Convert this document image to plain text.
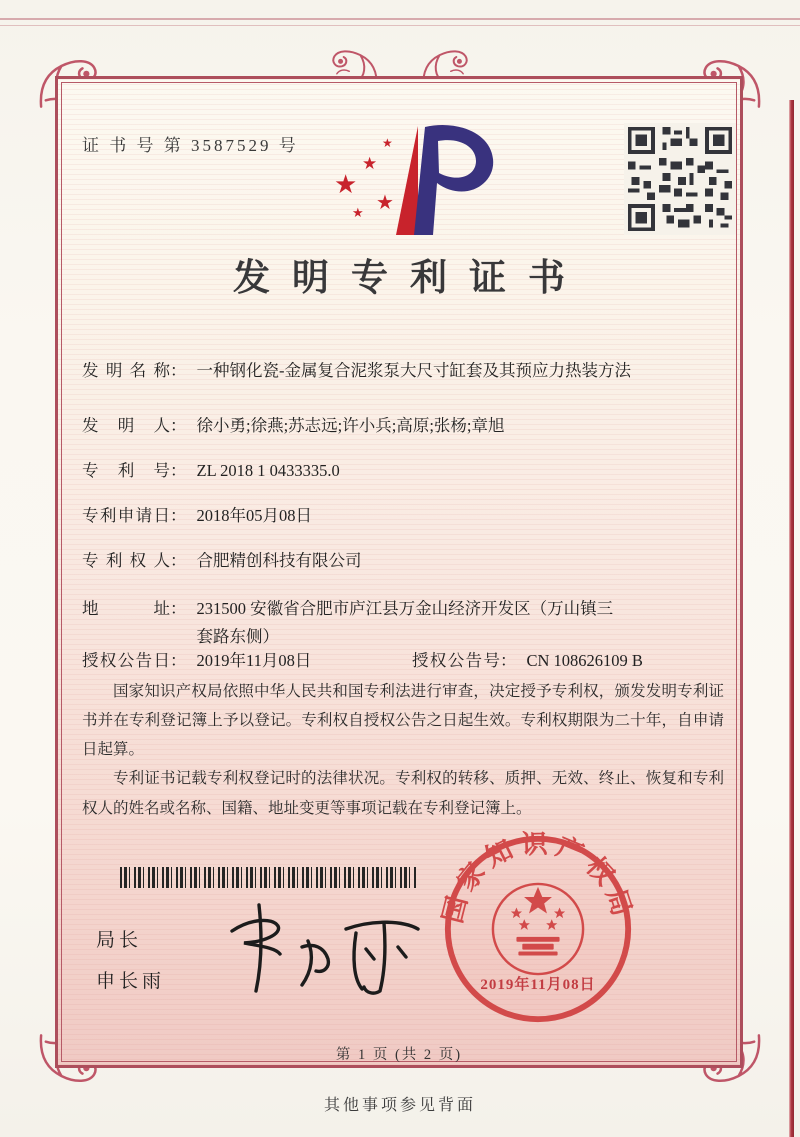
证 书 号 第 3587529 号
★
★
★
★
★
发明专利证书
发明名称： 一种钢化瓷-金属复合泥浆泵大尺寸缸套及其预应力热装方法
发明人： 徐小勇;徐燕;苏志远;许小兵;高原;张杨;章旭
专利号： ZL 2018 1 0433335.0
专利申请日： 2018年05月08日
专利权人： 合肥精创科技有限公司
地址： 231500 安徽省合肥市庐江县万金山经济开发区（万山镇三套路东侧）
授权公告日： 2019年11月08日	授权公告号： CN 108626109 B

国家知识产权局依照中华人民共和国专利法进行审查，决定授予专利权，颁发发明专利证书并在专利登记簿上予以登记。专利权自授权公告之日起生效。专利权期限为二十年，自申请日起算。

专利证书记载专利权登记时的法律状况。专利权的转移、质押、无效、终止、恢复和专利权人的姓名或名称、国籍、地址变更等事项记载在专利登记簿上。

局长
申长雨
国家知识产权局
2019年11月08日
第 1 页 (共 2 页)
其他事项参见背面
